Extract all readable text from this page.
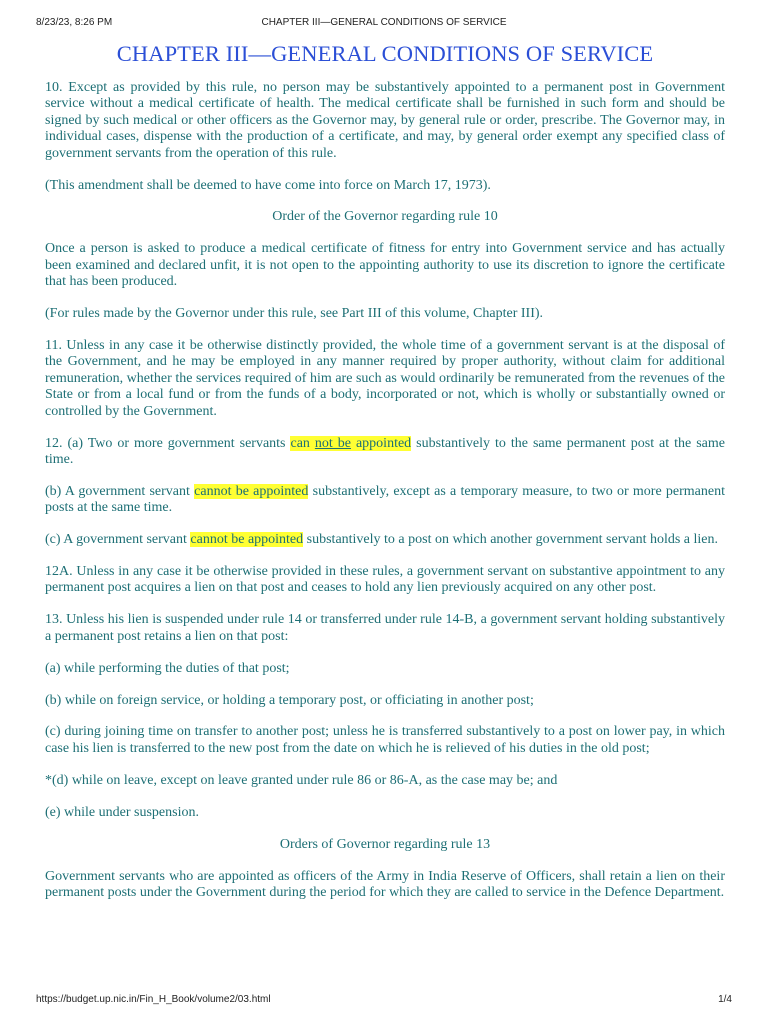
8/23/23, 8:26 PM	CHAPTER III—GENERAL CONDITIONS OF SERVICE
CHAPTER III—GENERAL CONDITIONS OF SERVICE

10. Except as provided by this rule, no person may be substantively appointed to a permanent post in Government service without a medical certificate of health. The medical certificate shall be furnished in such form and should be signed by such medical or other officers as the Governor may, by general rule or order, prescribe. The Governor may, in individual cases, dispense with the production of a certificate, and may, by general order exempt any specified class of government servants from the operation of this rule.

(This amendment shall be deemed to have come into force on March 17, 1973).

Order of the Governor regarding rule 10

Once a person is asked to produce a medical certificate of fitness for entry into Government service and has actually been examined and declared unfit, it is not open to the appointing authority to use its discretion to ignore the certificate that has been produced.

(For rules made by the Governor under this rule, see Part III of this volume, Chapter III).

11. Unless in any case it be otherwise distinctly provided, the whole time of a government servant is at the disposal of the Government, and he may be employed in any manner required by proper authority, without claim for additional remuneration, whether the services required of him are such as would ordinarily be remunerated from the revenues of the State or from a local fund or from the funds of a body, incorporated or not, which is wholly or substantially owned or controlled by the Government.

12. (a) Two or more government servants can not be appointed substantively to the same permanent post at the same time.

(b) A government servant cannot be appointed substantively, except as a temporary measure, to two or more permanent posts at the same time.

(c) A government servant cannot be appointed substantively to a post on which another government servant holds a lien.

12A. Unless in any case it be otherwise provided in these rules, a government servant on substantive appointment to any permanent post acquires a lien on that post and ceases to hold any lien previously acquired on any other post.

13. Unless his lien is suspended under rule 14 or transferred under rule 14-B, a government servant holding substantively a permanent post retains a lien on that post:

(a) while performing the duties of that post;

(b) while on foreign service, or holding a temporary post, or officiating in another post;

(c) during joining time on transfer to another post; unless he is transferred substantively to a post on lower pay, in which case his lien is transferred to the new post from the date on which he is relieved of his duties in the old post;

*(d) while on leave, except on leave granted under rule 86 or 86-A, as the case may be; and

(e) while under suspension.

Orders of Governor regarding rule 13

Government servants who are appointed as officers of the Army in India Reserve of Officers, shall retain a lien on their permanent posts under the Government during the period for which they are called to service in the Defence Department.

https://budget.up.nic.in/Fin_H_Book/volume2/03.html	1/4
